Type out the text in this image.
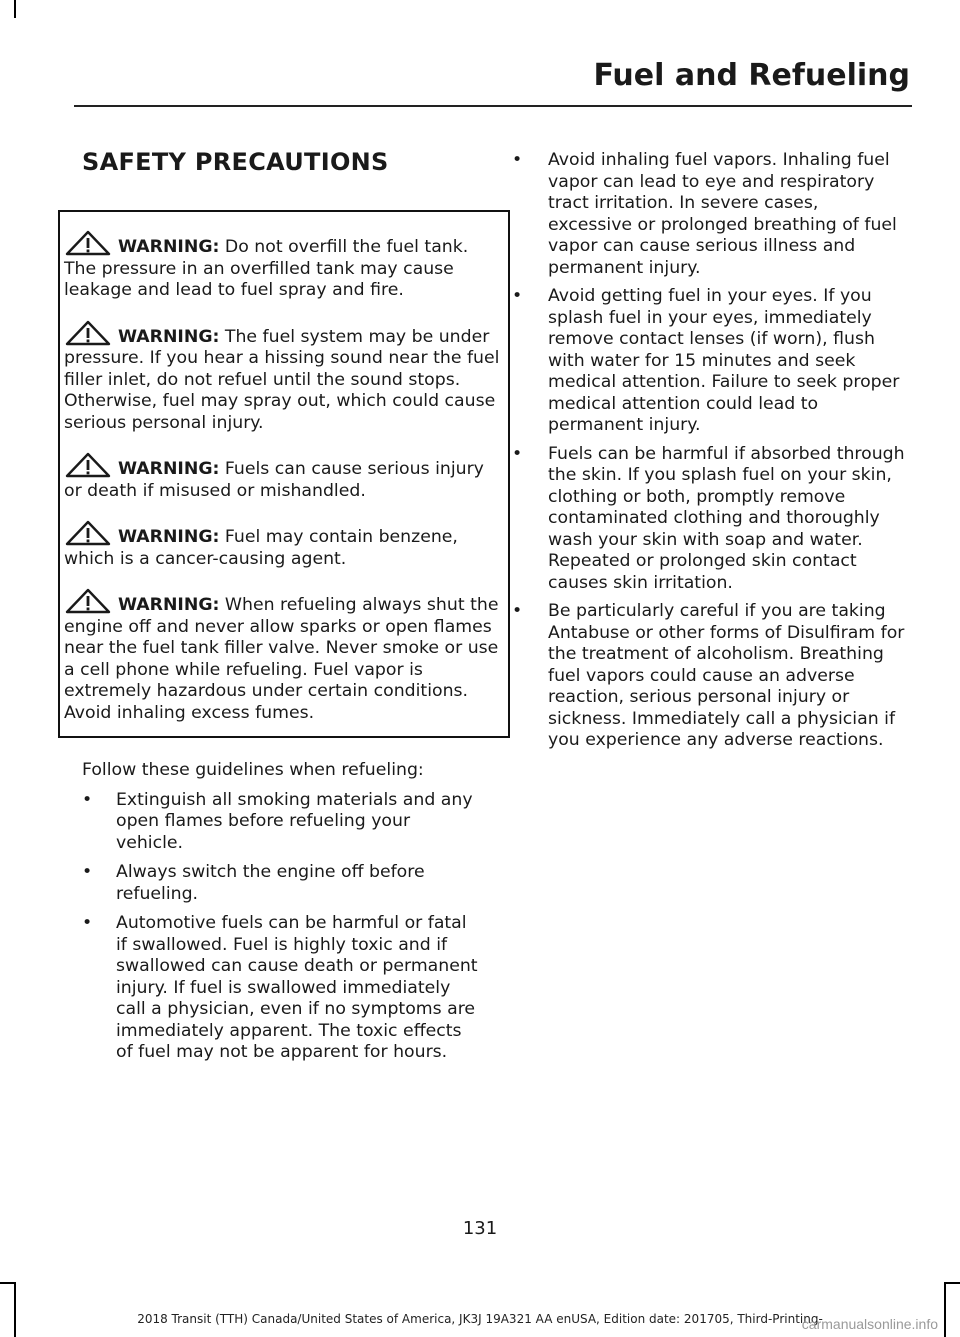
Fuel and Refueling
SAFETY PRECAUTIONS
WARNING: Do not overfill the fuel tank. The pressure in an overfilled tank may cause leakage and lead to fuel spray and fire.
WARNING: The fuel system may be under pressure. If you hear a hissing sound near the fuel filler inlet, do not refuel until the sound stops. Otherwise, fuel may spray out, which could cause serious personal injury.
WARNING: Fuels can cause serious injury or death if misused or mishandled.
WARNING: Fuel may contain benzene, which is a cancer-causing agent.
WARNING: When refueling always shut the engine off and never allow sparks or open flames near the fuel tank filler valve. Never smoke or use a cell phone while refueling. Fuel vapor is extremely hazardous under certain conditions. Avoid inhaling excess fumes.
Follow these guidelines when refueling:
• Extinguish all smoking materials and any open flames before refueling your vehicle.
• Always switch the engine off before refueling.
• Automotive fuels can be harmful or fatal if swallowed. Fuel is highly toxic and if swallowed can cause death or permanent injury. If fuel is swallowed immediately call a physician, even if no symptoms are immediately apparent. The toxic effects of fuel may not be apparent for hours.
• Avoid inhaling fuel vapors. Inhaling fuel vapor can lead to eye and respiratory tract irritation. In severe cases, excessive or prolonged breathing of fuel vapor can cause serious illness and permanent injury.
• Avoid getting fuel in your eyes. If you splash fuel in your eyes, immediately remove contact lenses (if worn), flush with water for 15 minutes and seek medical attention. Failure to seek proper medical attention could lead to permanent injury.
• Fuels can be harmful if absorbed through the skin. If you splash fuel on your skin, clothing or both, promptly remove contaminated clothing and thoroughly wash your skin with soap and water. Repeated or prolonged skin contact causes skin irritation.
• Be particularly careful if you are taking Antabuse or other forms of Disulfiram for the treatment of alcoholism. Breathing fuel vapors could cause an adverse reaction, serious personal injury or sickness. Immediately call a physician if you experience any adverse reactions.
131
2018 Transit (TTH) Canada/United States of America, JK3J 19A321 AA enUSA, Edition date: 201705, Third-Printing-
carmanualsonline.info
